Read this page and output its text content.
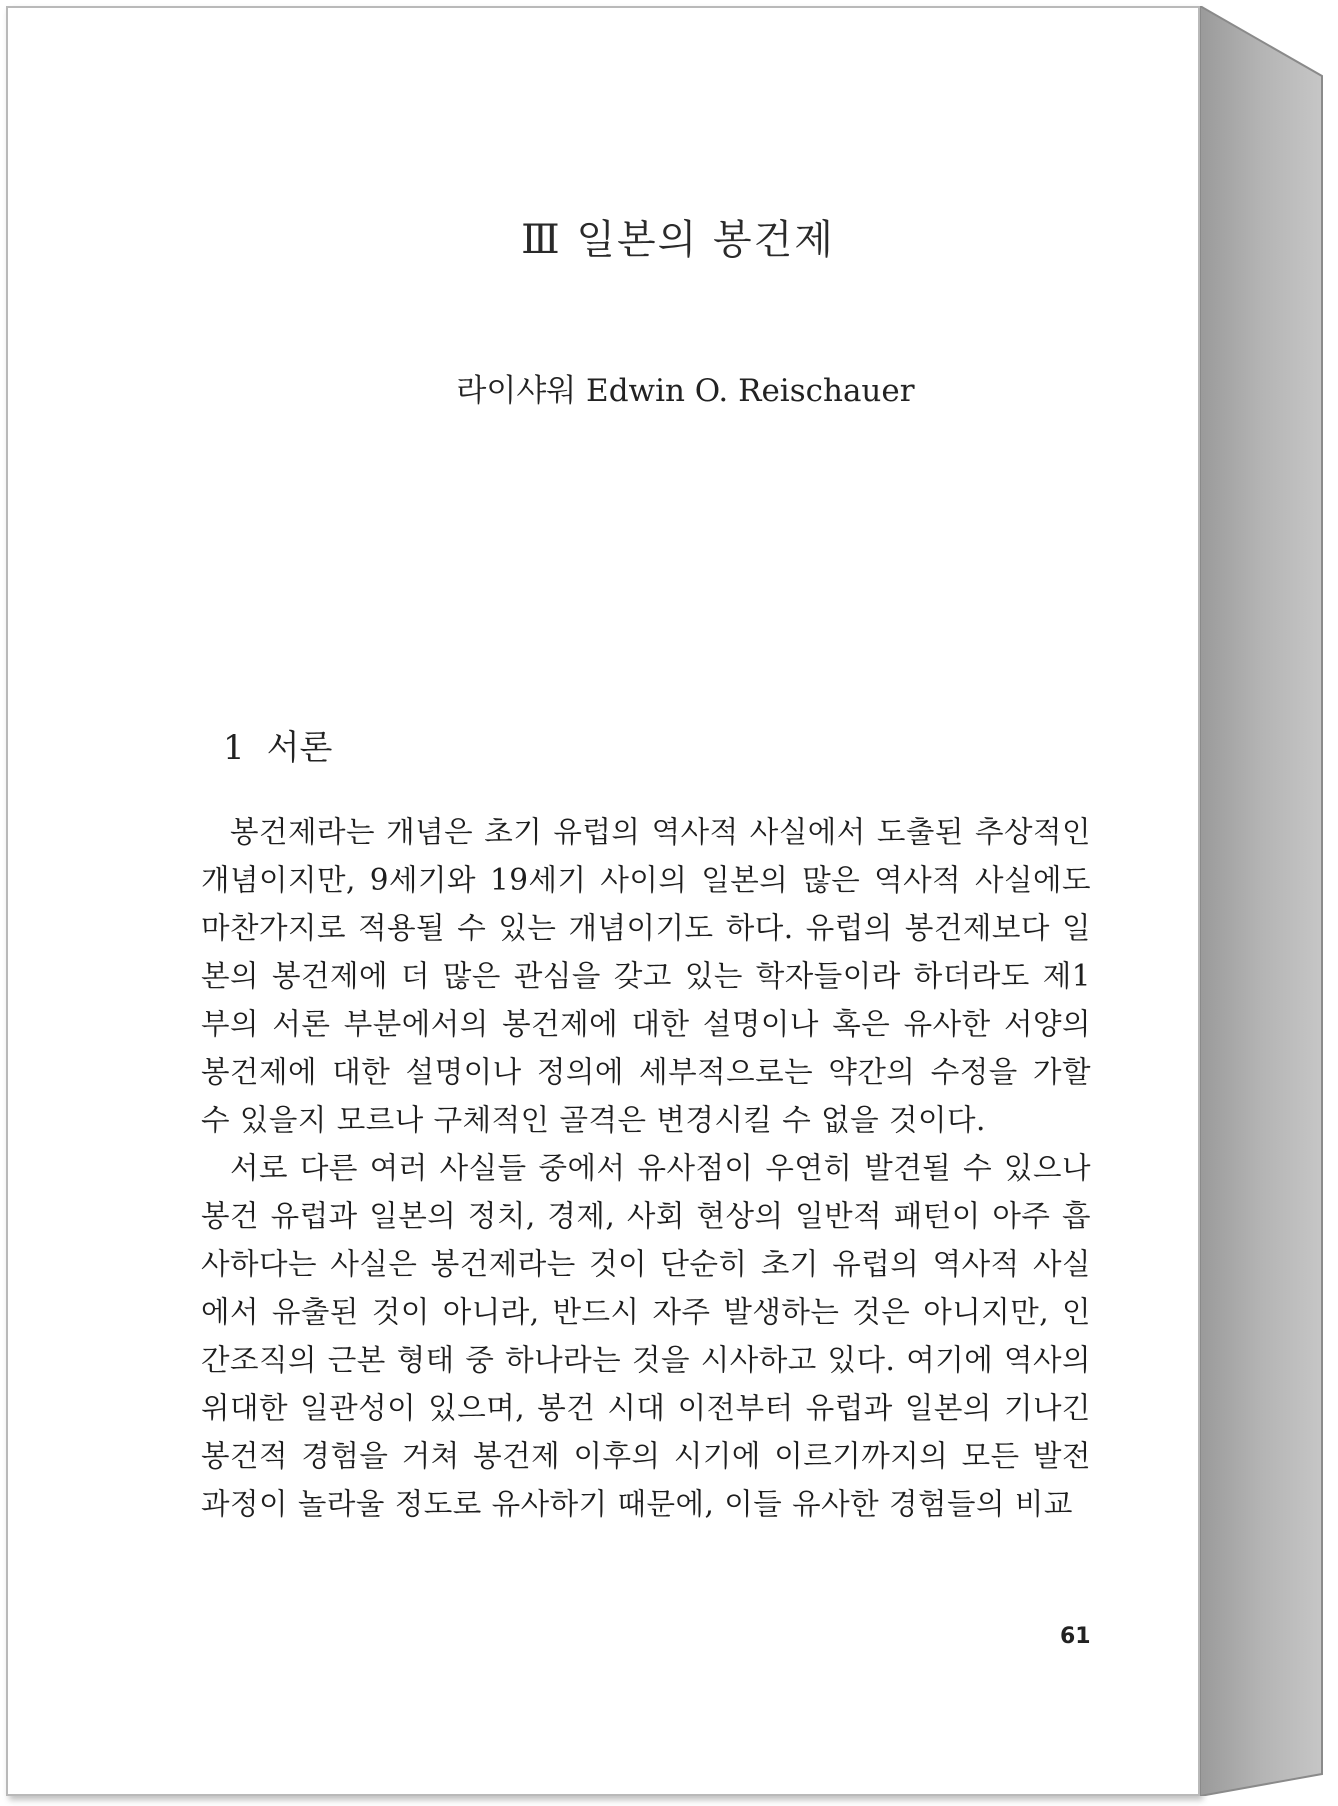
Ⅲ 일본의 봉건제
라이샤워 Edwin O. Reischauer
1 서론

봉건제라는 개념은 초기 유럽의 역사적 사실에서 도출된 추상적인 개념이지만, 9세기와 19세기 사이의 일본의 많은 역사적 사실에도 마찬가지로 적용될 수 있는 개념이기도 하다. 유럽의 봉건제보다 일본의 봉건제에 더 많은 관심을 갖고 있는 학자들이라 하더라도 제1부의 서론 부분에서의 봉건제에 대한 설명이나 혹은 유사한 서양의 봉건제에 대한 설명이나 정의에 세부적으로는 약간의 수정을 가할 수 있을지 모르나 구체적인 골격은 변경시킬 수 없을 것이다.

서로 다른 여러 사실들 중에서 유사점이 우연히 발견될 수 있으나 봉건 유럽과 일본의 정치, 경제, 사회 현상의 일반적 패턴이 아주 흡사하다는 사실은 봉건제라는 것이 단순히 초기 유럽의 역사적 사실에서 유출된 것이 아니라, 반드시 자주 발생하는 것은 아니지만, 인간조직의 근본 형태 중 하나라는 것을 시사하고 있다. 여기에 역사의 위대한 일관성이 있으며, 봉건 시대 이전부터 유럽과 일본의 기나긴 봉건적 경험을 거쳐 봉건제 이후의 시기에 이르기까지의 모든 발전 과정이 놀라울 정도로 유사하기 때문에, 이들 유사한 경험들의 비교

61
